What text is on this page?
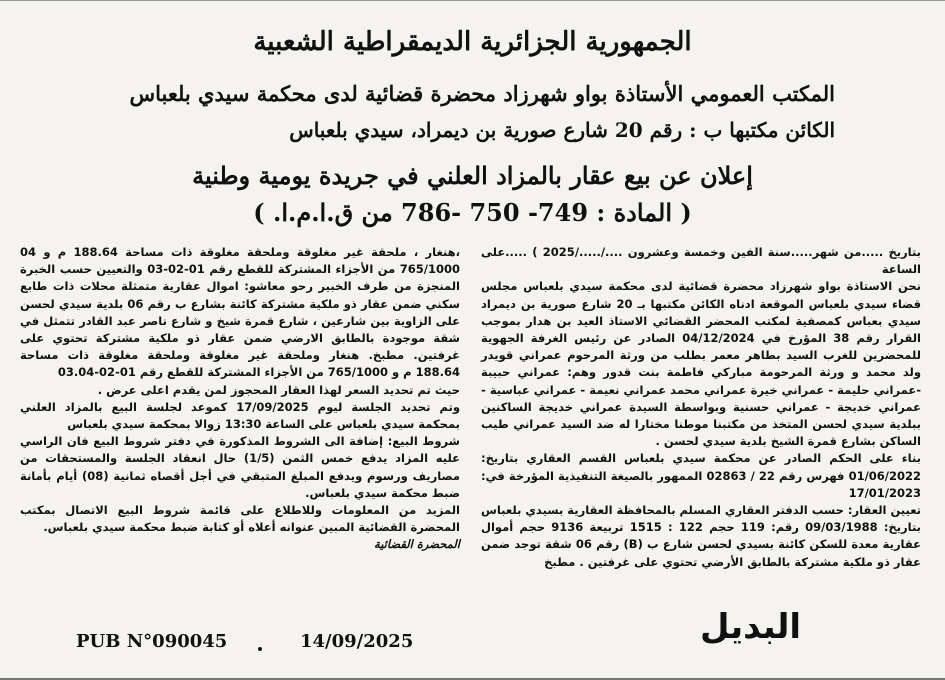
الجمهورية الجزائرية الديمقراطية الشعبية
المكتب العمومي الأستاذة بواو شهرزاد محضرة قضائية لدى محكمة سيدي بلعباس
الكائن مكتبها ب : رقم 20 شارع صورية بن ديمراد، سيدي بلعباس
إعلان عن بيع عقار بالمزاد العلني في جريدة يومية وطنية
( المادة : 749- 750 -786 من ق.ا.م.ا. )

بتاريخ .....من شهر.....سنة الفين وخمسة وعشرون ..../...../2025 ) .....على الساعة

نحن الاستاذة بواو شهرزاد محضرة قضائية لدى محكمة سيدي بلعباس مجلس قضاء سيدي بلعباس الموقعة ادناه الكائن مكتبها بـ 20 شارع صورية بن ديمراد سيدي بعباس كمصفية لمكتب المحضر القضائي الاستاذ العيد بن هدار بموجب القرار رقم 38 المؤرخ في 04/12/2024 الصادر عن رئيس الغرفة الجهوية للمحضرين للغرب السيد بطاهر معمر بطلب من ورثة المرحوم عمراني قويدر ولد محمد و ورثة المرحومة مباركي فاطمة بنت قدور وهم: عمراني حبيبة -عمراني حليمة - عمراني خيرة عمراني محمد عمراني نعيمة - عمراني عباسية - عمراني خديجة - عمراني حسنية وبواسطة السيدة عمراني خديجة الساكنين ببلدية سيدي لحسن المتخذ من مكتبنا موطنا مختارا له ضد السيد عمراني طيب الساكن بشارع قمرة الشيخ بلدية سيدي لحسن .

بناء على الحكم الصادر عن محكمة سيدي بلعباس القسم العقاري بتاريخ: 01/06/2022 فهرس رقم 22 / 02863 الممهور بالصيغة التنفيذية المؤرخة في: 17/01/2023

تعيين العقار: حسب الدفتر العقاري المسلم بالمحافظة العقارية بسيدي بلعباس بتاريخ: 09/03/1988 رقم: 119 حجم 122 : 1515 تربيعة 9136 حجم أموال عقارية معدة للسكن كائنة بسيدي لحسن شارع ب (B) رقم 06 شقة توجد ضمن عقار ذو ملكية مشتركة بالطابق الأرضي تحتوي على غرفتين . مطبخ

،هنغار ، ملحقة غير مغلوقة وملحقة مغلوقة ذات مساحة 188.64 م و 04 765/1000 من الأجزاء المشتركة للقطع رقم 01-02-03 والتعيين حسب الخبرة المنجزة من طرف الخبير رحو معاشو: اموال عقارية متمثلة محلات ذات طابع سكني ضمن عقار ذو ملكية مشتركة كائنة بشارع ب رقم 06 بلدية سيدي لحسن على الزاوية بين شارعين ، شارع قمرة شيخ و شارع ناصر عبد القادر تتمثل في شقة موجودة بالطابق الارضي ضمن عقار ذو ملكية مشتركة تحتوي على غرفتين. مطبخ. هنغار وملحقة غير مغلوقة وملحقة مغلوقة ذات مساحة 188.64 م و 765/1000 من الأجزاء المشتركة للقطع رقم 01-02-03.04

حيث تم تحديد السعر لهذا العقار المحجوز لمن يقدم اعلى عرض .

وتم تحديد الجلسة ليوم 17/09/2025 كموعد لجلسة البيع بالمزاد العلني بمحكمة سيدي بلعباس على الساعة 13:30 زوالا بمحكمة سيدي بلعباس

شروط البيع: إضافة الى الشروط المذكورة في دفتر شروط البيع فان الراسي عليه المزاد يدفع خمس الثمن (1/5) حال انعقاد الجلسة والمستحقات من مصاريف ورسوم ويدفع المبلغ المتبقي في أجل أقصاه ثمانية (08) أيام بأمانة ضبط محكمة سيدي بلعباس.

المزيد من المعلومات وللاطلاع على قائمة شروط البيع الاتصال بمكتب المحضرة القضائية المبين عنوانه أعلاه أو كتابة ضبط محكمة سيدي بلعباس.

المحضرة القضائية

PUB N°090045	14/09/2025	البديل
